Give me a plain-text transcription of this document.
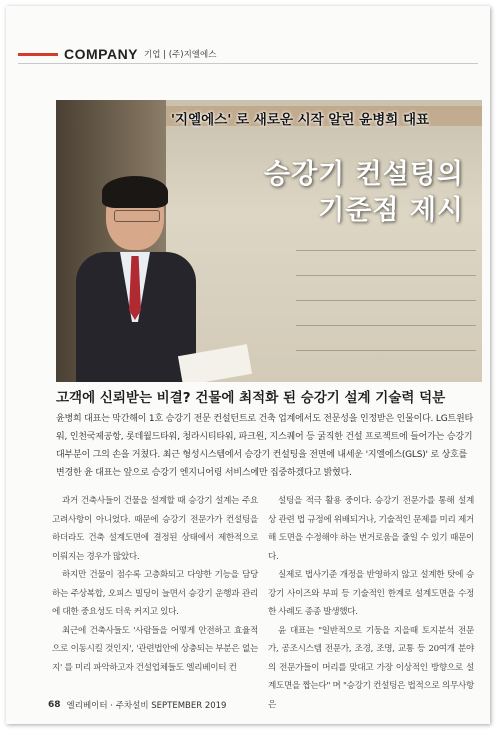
COMPANY 기업 | (주)지엘에스
'지엘에스' 로 새로운 시작 알린 윤병희 대표
승강기 컨설팅의
기준점 제시
고객에 신뢰받는 비결? 건물에 최적화 된 승강기 설계 기술력 덕분
윤병희 대표는 막간해이 1호 승강기 전문 컨설턴트로 건축 업계에서도 전문성을 인정받은 인물이다. LG트윈타워, 인천국제공항, 롯데월드타워, 청라시티타워, 파크원, 지스퀘어 등 굵직한 건설 프로젝트에 들어가는 승강기 대부분이 그의 손을 거쳤다. 최근 형성시스템에서 승강기 컨설팅을 전면에 내세운 '지엘에스(GLS)' 로 상호를 변경한 윤 대표는 앞으로 승강기 엔지니어링 서비스에만 집중하겠다고 밝혔다.

과거 건축사들이 건물을 설계할 때 승강기 설계는 주요 고려사항이 아니었다. 때문에 승강기 전문가가 컨설팅을 하더라도 건축 설계도면에 결정된 상태에서 제한적으로 이뤄지는 경우가 많았다.

하지만 건물이 점수록 고층화되고 다양한 기능을 담당하는 주상복합, 오피스 빌딩이 늘면서 승강기 운행과 관리에 대한 중요성도 더욱 커지고 있다.

최근에 건축사들도 '사람들을 어떻게 안전하고 효율적으로 이동시킬 것인지', '관련법안에 상충되는 부분은 없는지' 를 미리 파악하고자 건설업체들도 엘리베이터 컨

설팅을 적극 활용 중이다. 승강기 전문가를 통해 설계 상 관련 법 규정에 위배되거나, 기술적인 문제를 미리 제거해 도면을 수정해야 하는 번거로움을 줄일 수 있기 때문이다.

실제로 법사기준 개정을 반영하지 않고 설계한 탓에 승강기 사이즈와 부피 등 기술적인 한계로 설계도면을 수정한 사례도 종종 발생했다.

윤 대표는 "일반적으로 기둥을 지을때 토지분석 전문가, 공조시스템 전문가, 조경, 조명, 교통 등 20여개 분야의 전문가들이 머리를 맞대고 가장 이상적인 방향으로 설계도면을 짭는다" 며 "승강기 컨설팅은 법적으로 의무사항은

68 엘리베이터 · 주차설비 SEPTEMBER 2019
